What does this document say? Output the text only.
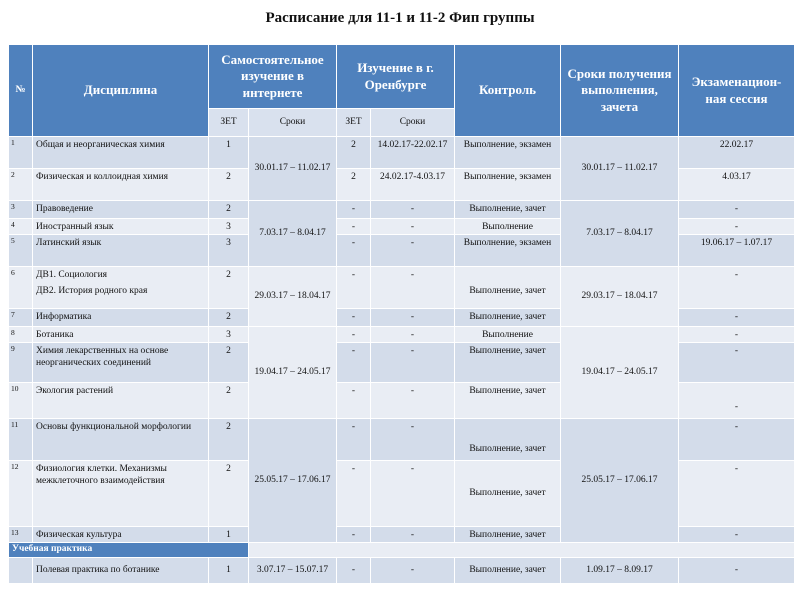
Расписание для 11-1 и 11-2 Фип группы
№	Дисциплина	Самостоятельное изучение в интернете		Изучение в г. Оренбурге		Контроль	Сроки получения выполнения, зачета	Экзаменацион-ная сессия
		ЗЕТ	Сроки	ЗЕТ	Сроки			
1	Общая и неорганическая химия	1	30.01.17 – 11.02.17	2	14.02.17-22.02.17	Выполнение, экзамен	30.01.17 – 11.02.17	22.02.17
2	Физическая и коллоидная химия	2		2	24.02.17-4.03.17	Выполнение, экзамен		4.03.17
3	Правоведение	2	7.03.17 – 8.04.17	-	-	Выполнение, зачет	7.03.17 – 8.04.17	-
4	Иностранный язык	3		-	-	Выполнение		-
5	Латинский язык	3		-	-	Выполнение, экзамен		19.06.17 – 1.07.17
6	ДВ1. Социология
ДВ2. История родного края	2	29.03.17 – 18.04.17	-	-	Выполнение, зачет	29.03.17 – 18.04.17	-
7	Информатика	2		-	-	Выполнение, зачет		-
8	Ботаника	3	19.04.17 – 24.05.17	-	-	Выполнение	19.04.17 – 24.05.17	-
9	Химия лекарственных на основе неорганических соединений	2		-	-	Выполнение, зачет		-
10	Экология растений	2		-	-	Выполнение, зачет		-
11	Основы функциональной морфологии	2	25.05.17 – 17.06.17	-	-	Выполнение, зачет	25.05.17 – 17.06.17	-
12	Физиология клетки. Механизмы межклеточного взаимодействия	2		-	-	Выполнение, зачет		-
13	Физическая культура	1		-	-	Выполнение, зачет		-
Учебная практика								
	Полевая практика по ботанике	1	3.07.17 – 15.07.17	-	-	Выполнение, зачет	1.09.17 – 8.09.17	-
